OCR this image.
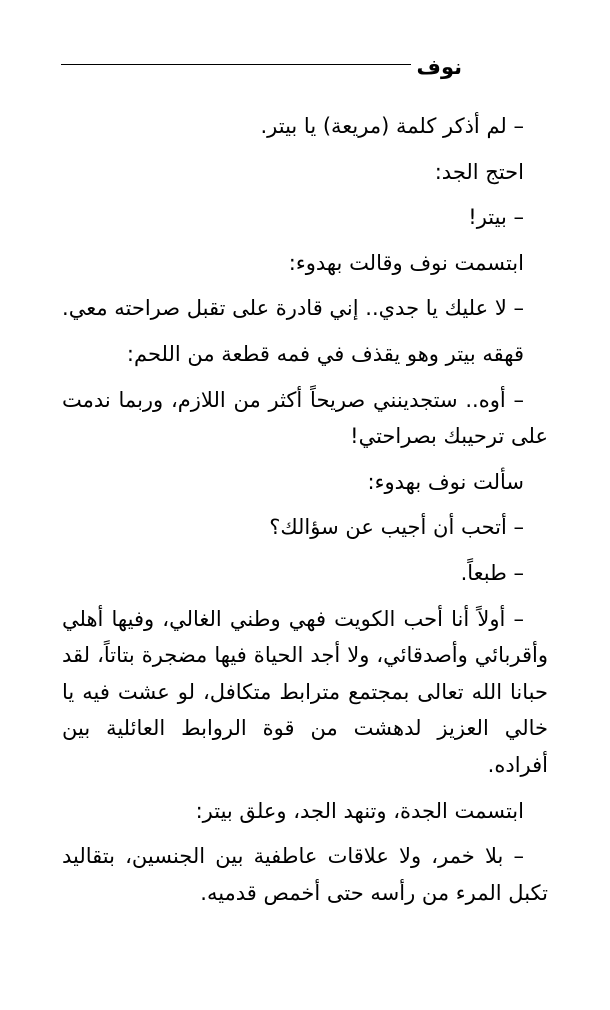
نوف

– لم أذكر كلمة (مريعة) يا بيتر.

احتج الجد:

– بيتر!

ابتسمت نوف وقالت بهدوء:

– لا عليك يا جدي.. إني قادرة على تقبل صراحته معي.

قهقه بيتر وهو يقذف في فمه قطعة من اللحم:

– أوه.. ستجدينني صريحاً أكثر من اللازم، وربما ندمت على ترحيبك بصراحتي!

سألت نوف بهدوء:

– أتحب أن أجيب عن سؤالك؟

– طبعاً.

– أولاً أنا أحب الكويت فهي وطني الغالي، وفيها أهلي وأقربائي وأصدقائي، ولا أجد الحياة فيها مضجرة بتاتاً، لقد حبانا الله تعالى بمجتمع مترابط متكافل، لو عشت فيه يا خالي العزيز لدهشت من قوة الروابط العائلية بين أفراده.

ابتسمت الجدة، وتنهد الجد، وعلق بيتر:

– بلا خمر، ولا علاقات عاطفية بين الجنسين، بتقاليد تكبل المرء من رأسه حتى أخمص قدميه.
